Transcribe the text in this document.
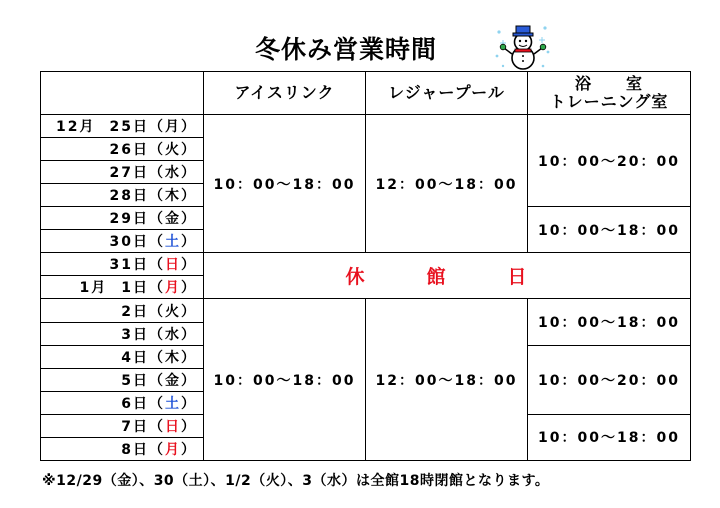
冬休み営業時間
	アイスリンク	レジャープール	浴　　室
トレーニング室

12月 25日（月）	10：00～18：00	12：00～18：00	10：00～20：00
26日（火）			
27日（水）			
28日（木）			
29日（金）			10：00～18：00
30日（土）			
31日（日）	休館日		
1月 1日（月）			
2日（火）	10：00～18：00	12：00～18：00	10：00～18：00
3日（水）			
4日（木）			10：00～20：00
5日（金）			
6日（土）			
7日（日）			10：00～18：00
8日（月）			
※12/29（金）、30（土）、1/2（火）、3（水）は全館18時閉館となります。
